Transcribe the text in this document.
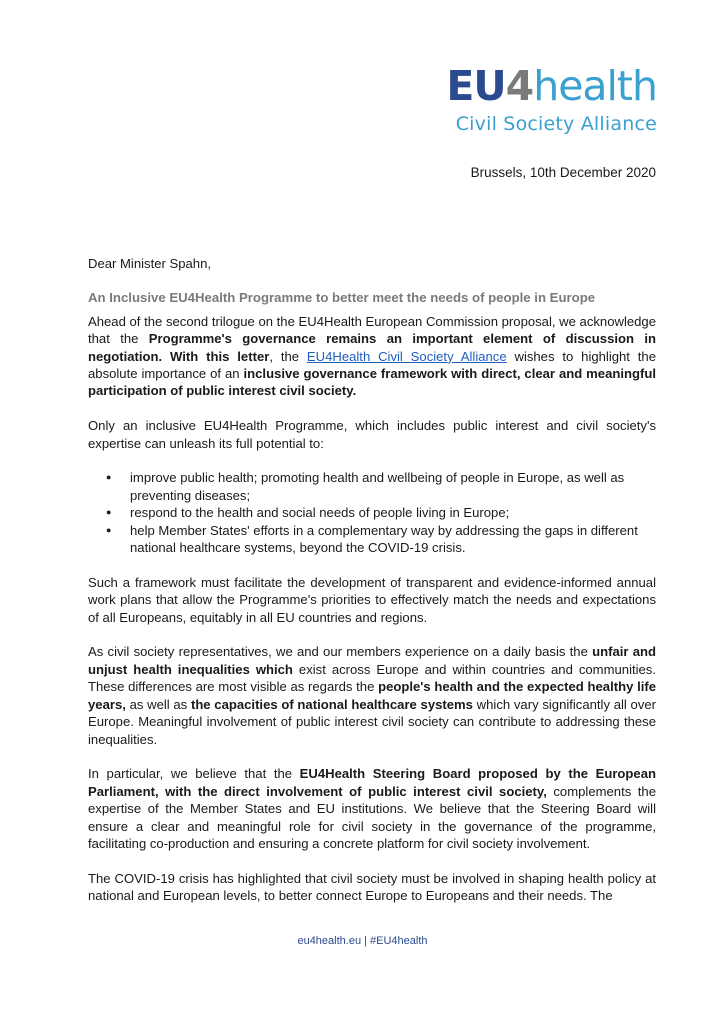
EU4health
Civil Society Alliance
Brussels, 10th December 2020

Dear Minister Spahn,

An Inclusive EU4Health Programme to better meet the needs of people in Europe

Ahead of the second trilogue on the EU4Health European Commission proposal, we acknowledge that the Programme's governance remains an important element of discussion in negotiation. With this letter, the EU4Health Civil Society Alliance wishes to highlight the absolute importance of an inclusive governance framework with direct, clear and meaningful participation of public interest civil society.

Only an inclusive EU4Health Programme, which includes public interest and civil society's expertise can unleash its full potential to:

● improve public health; promoting health and wellbeing of people in Europe, as well as preventing diseases;
● respond to the health and social needs of people living in Europe;
● help Member States' efforts in a complementary way by addressing the gaps in different national healthcare systems, beyond the COVID-19 crisis.

Such a framework must facilitate the development of transparent and evidence-informed annual work plans that allow the Programme's priorities to effectively match the needs and expectations of all Europeans, equitably in all EU countries and regions.

As civil society representatives, we and our members experience on a daily basis the unfair and unjust health inequalities which exist across Europe and within countries and communities. These differences are most visible as regards the people's health and the expected healthy life years, as well as the capacities of national healthcare systems which vary significantly all over Europe. Meaningful involvement of public interest civil society can contribute to addressing these inequalities.

In particular, we believe that the EU4Health Steering Board proposed by the European Parliament, with the direct involvement of public interest civil society, complements the expertise of the Member States and EU institutions. We believe that the Steering Board will ensure a clear and meaningful role for civil society in the governance of the programme, facilitating co-production and ensuring a concrete platform for civil society involvement.

The COVID-19 crisis has highlighted that civil society must be involved in shaping health policy at national and European levels, to better connect Europe to Europeans and their needs. The

eu4health.eu | #EU4health
